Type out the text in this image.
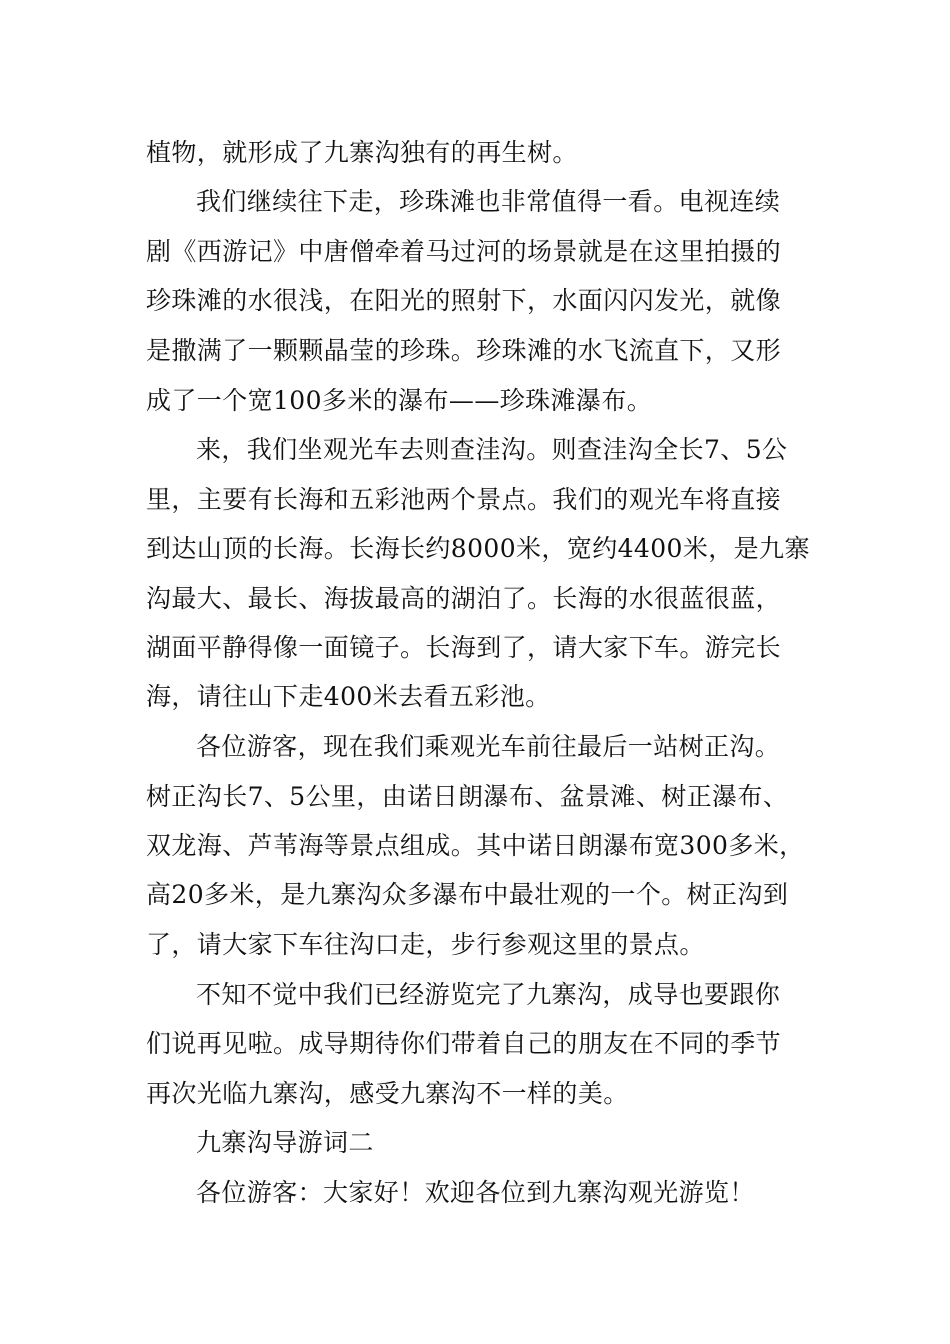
植物，就形成了九寨沟独有的再生树。
我们继续往下走，珍珠滩也非常值得一看。电视连续
剧《西游记》中唐僧牵着马过河的场景就是在这里拍摄的
珍珠滩的水很浅，在阳光的照射下，水面闪闪发光，就像
是撒满了一颗颗晶莹的珍珠。珍珠滩的水飞流直下，又形
成了一个宽100多米的瀑布——珍珠滩瀑布。
来，我们坐观光车去则查洼沟。则查洼沟全长7、5公
里，主要有长海和五彩池两个景点。我们的观光车将直接
到达山顶的长海。长海长约8000米，宽约4400米，是九寨
沟最大、最长、海拔最高的湖泊了。长海的水很蓝很蓝，
湖面平静得像一面镜子。长海到了，请大家下车。游完长
海，请往山下走400米去看五彩池。
各位游客，现在我们乘观光车前往最后一站树正沟。
树正沟长7、5公里，由诺日朗瀑布、盆景滩、树正瀑布、
双龙海、芦苇海等景点组成。其中诺日朗瀑布宽300多米，
高20多米，是九寨沟众多瀑布中最壮观的一个。树正沟到
了，请大家下车往沟口走，步行参观这里的景点。
不知不觉中我们已经游览完了九寨沟，成导也要跟你
们说再见啦。成导期待你们带着自己的朋友在不同的季节
再次光临九寨沟，感受九寨沟不一样的美。
九寨沟导游词二
各位游客：大家好！欢迎各位到九寨沟观光游览！
